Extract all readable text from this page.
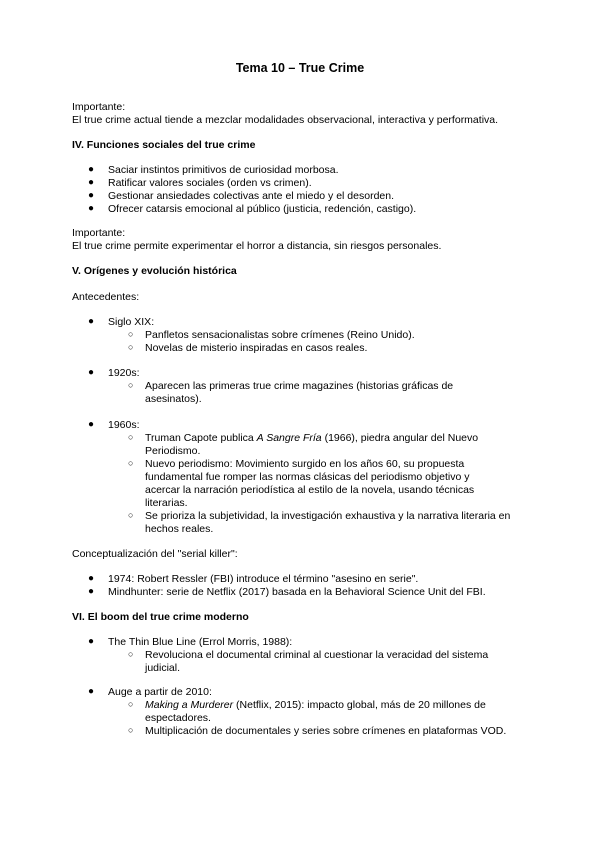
Tema 10 – True Crime
Importante:
El true crime actual tiende a mezclar modalidades observacional, interactiva y performativa.
IV. Funciones sociales del true crime
● Saciar instintos primitivos de curiosidad morbosa.
● Ratificar valores sociales (orden vs crimen).
● Gestionar ansiedades colectivas ante el miedo y el desorden.
● Ofrecer catarsis emocional al público (justicia, redención, castigo).
Importante:
El true crime permite experimentar el horror a distancia, sin riesgos personales.
V. Orígenes y evolución histórica
Antecedentes:
● Siglo XIX:
○ Panfletos sensacionalistas sobre crímenes (Reino Unido).
○ Novelas de misterio inspiradas en casos reales.
● 1920s:
○ Aparecen las primeras true crime magazines (historias gráficas de asesinatos).
● 1960s:
○ Truman Capote publica A Sangre Fría (1966), piedra angular del Nuevo Periodismo.
○ Nuevo periodismo: Movimiento surgido en los años 60, su propuesta fundamental fue romper las normas clásicas del periodismo objetivo y acercar la narración periodística al estilo de la novela, usando técnicas literarias.
○ Se prioriza la subjetividad, la investigación exhaustiva y la narrativa literaria en hechos reales.
Conceptualización del "serial killer":
● 1974: Robert Ressler (FBI) introduce el término "asesino en serie".
● Mindhunter: serie de Netflix (2017) basada en la Behavioral Science Unit del FBI.
VI. El boom del true crime moderno
● The Thin Blue Line (Errol Morris, 1988):
○ Revoluciona el documental criminal al cuestionar la veracidad del sistema judicial.
● Auge a partir de 2010:
○ Making a Murderer (Netflix, 2015): impacto global, más de 20 millones de espectadores.
○ Multiplicación de documentales y series sobre crímenes en plataformas VOD.
